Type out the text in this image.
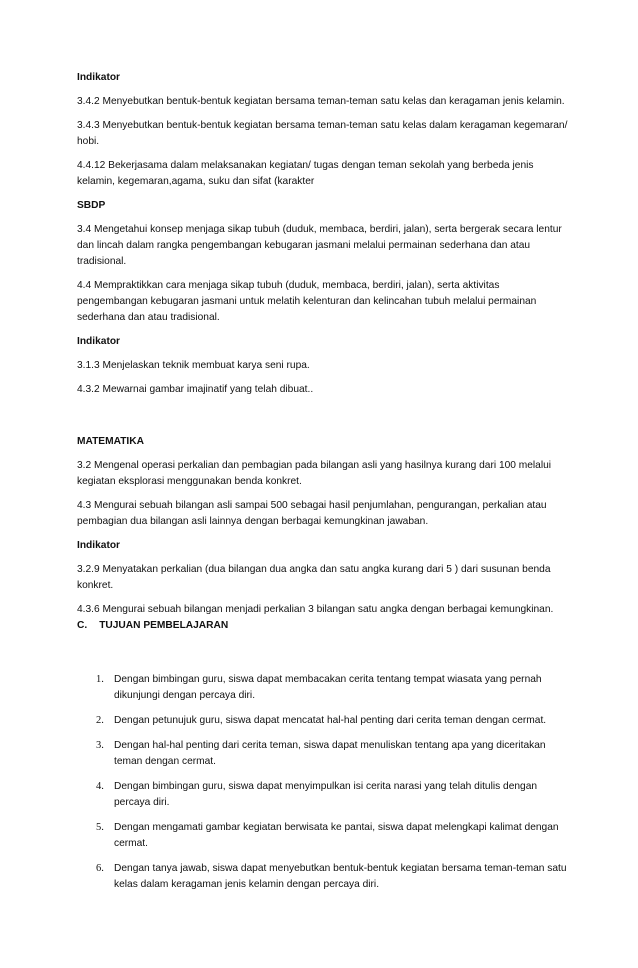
Indikator

3.4.2 Menyebutkan bentuk-bentuk kegiatan bersama teman-teman satu kelas dan keragaman jenis kelamin.

3.4.3 Menyebutkan bentuk-bentuk kegiatan bersama teman-teman satu kelas dalam keragaman kegemaran/ hobi.

4.4.12 Bekerjasama dalam melaksanakan kegiatan/ tugas dengan teman sekolah yang berbeda jenis kelamin, kegemaran,agama, suku dan sifat (karakter

SBDP

3.4 Mengetahui konsep menjaga sikap tubuh (duduk, membaca, berdiri, jalan), serta bergerak secara lentur dan lincah dalam rangka pengembangan kebugaran jasmani melalui permainan sederhana dan atau tradisional.

4.4 Mempraktikkan cara menjaga sikap tubuh (duduk, membaca, berdiri, jalan), serta aktivitas pengembangan kebugaran jasmani untuk melatih kelenturan dan kelincahan tubuh melalui permainan sederhana dan atau tradisional.

Indikator

3.1.3 Menjelaskan teknik membuat karya seni rupa.

4.3.2 Mewarnai gambar imajinatif yang telah dibuat..

MATEMATIKA

3.2 Mengenal operasi perkalian dan pembagian pada bilangan asli yang hasilnya kurang dari 100 melalui kegiatan eksplorasi menggunakan benda konkret.

4.3 Mengurai sebuah bilangan asli sampai 500 sebagai hasil penjumlahan, pengurangan, perkalian atau pembagian dua bilangan asli lainnya dengan berbagai kemungkinan jawaban.

Indikator

3.2.9 Menyatakan perkalian (dua bilangan dua angka dan satu angka kurang dari 5 ) dari susunan benda konkret.

4.3.6 Mengurai sebuah bilangan menjadi perkalian 3 bilangan satu angka dengan berbagai kemungkinan. C. TUJUAN PEMBELAJARAN

1. Dengan bimbingan guru, siswa dapat membacakan cerita tentang tempat wiasata yang pernah dikunjungi dengan percaya diri.
2. Dengan petunujuk guru, siswa dapat mencatat hal-hal penting dari cerita teman dengan cermat.
3. Dengan hal-hal penting dari cerita teman, siswa dapat menuliskan tentang apa yang diceritakan teman dengan cermat.
4. Dengan bimbingan guru, siswa dapat menyimpulkan isi cerita narasi yang telah ditulis dengan percaya diri.
5. Dengan mengamati gambar kegiatan berwisata ke pantai, siswa dapat melengkapi kalimat dengan cermat.
6. Dengan tanya jawab, siswa dapat menyebutkan bentuk-bentuk kegiatan bersama teman-teman satu kelas dalam keragaman jenis kelamin dengan percaya diri.
